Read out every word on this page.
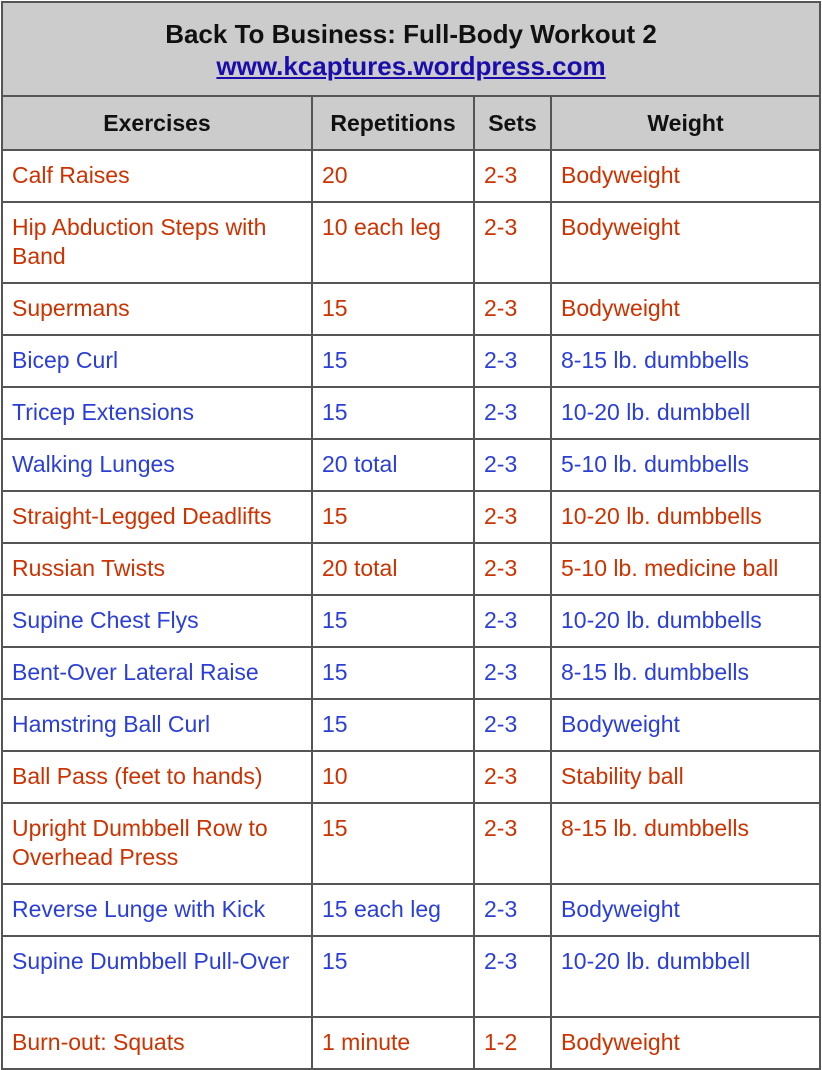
Back To Business: Full-Body Workout 2
www.kcaptures.wordpress.com			

Exercises	Repetitions	Sets	Weight
Calf Raises	20	2-3	Bodyweight
Hip Abduction Steps with Band	10 each leg	2-3	Bodyweight
Supermans	15	2-3	Bodyweight
Bicep Curl	15	2-3	8-15 lb. dumbbells
Tricep Extensions	15	2-3	10-20 lb. dumbbell
Walking Lunges	20 total	2-3	5-10 lb. dumbbells
Straight-Legged Deadlifts	15	2-3	10-20 lb. dumbbells
Russian Twists	20 total	2-3	5-10 lb. medicine ball
Supine Chest Flys	15	2-3	10-20 lb. dumbbells
Bent-Over Lateral Raise	15	2-3	8-15 lb. dumbbells
Hamstring Ball Curl	15	2-3	Bodyweight
Ball Pass (feet to hands)	10	2-3	Stability ball
Upright Dumbbell Row to Overhead Press	15	2-3	8-15 lb. dumbbells
Reverse Lunge with Kick	15 each leg	2-3	Bodyweight
Supine Dumbbell Pull-Over	15	2-3	10-20 lb. dumbbell
Burn-out: Squats	1 minute	1-2	Bodyweight
